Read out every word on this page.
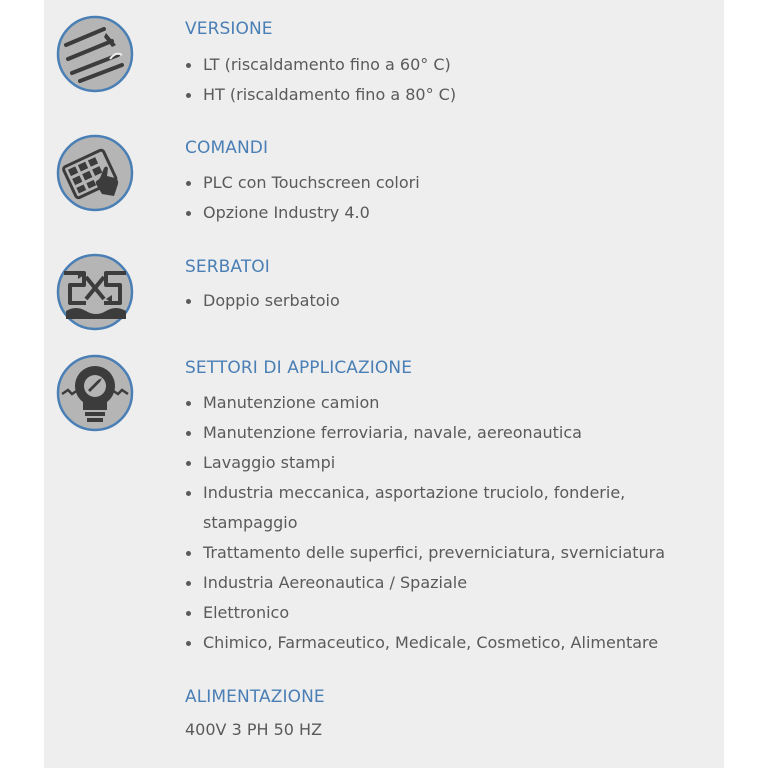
VERSIONE
LT (riscaldamento fino a 60° C)
HT (riscaldamento fino a 80° C)
COMANDI
PLC con Touchscreen colori
Opzione Industry 4.0
SERBATOI
Doppio serbatoio
SETTORI DI APPLICAZIONE
Manutenzione camion
Manutenzione ferroviaria, navale, aereonautica
Lavaggio stampi
Industria meccanica, asportazione truciolo, fonderie, stampaggio
Trattamento delle superfici, preverniciatura, sverniciatura
Industria Aereonautica / Spaziale
Elettronico
Chimico, Farmaceutico, Medicale, Cosmetico, Alimentare
ALIMENTAZIONE

400V 3 PH 50 HZ
